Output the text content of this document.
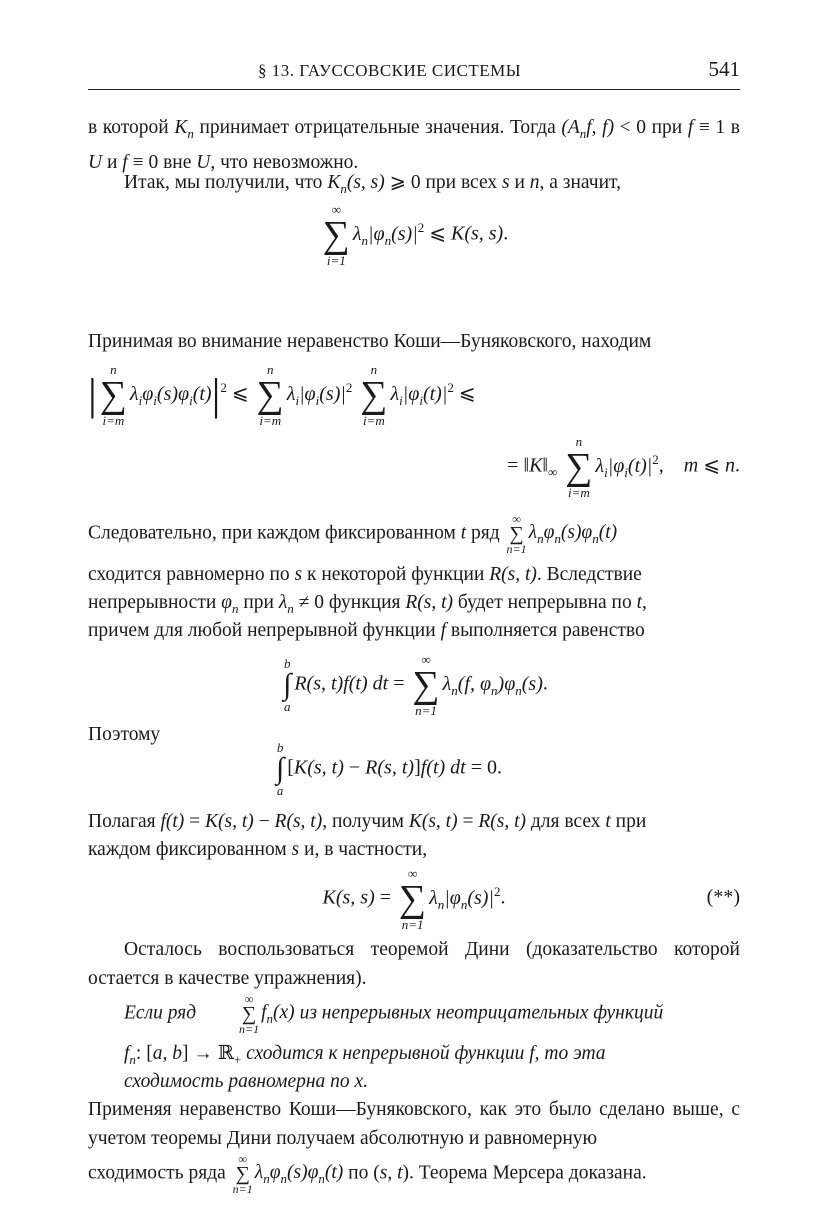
§ 13. ГАУССОВСКИЕ СИСТЕМЫ	541
в которой $K_n$ принимает отрицательные значения. Тогда ($A_nf$, f) < 0 при f ≡ 1 в U и f ≡ 0 вне U, что невозможно.
Итак, мы получили, что $K_n(s$, s) ⩾ 0 при всех s и n, а значит,
∞
∑
i=1
$\lambda_n|\varphi_n(s)|^2$ ⩽ K(s, s).
Принимая во внимание неравенство Коши—Буняковского, находим
|
n
∑
i=m
$\lambda_i\varphi_i(s)\varphi_i(t)|^2$ ⩽
n
∑
i=m
$\lambda_i|\varphi_i(s)|^2$
n
∑
i=m
$\lambda_i|\varphi_i(t)|^2$ ⩽
= $‖K‖_\infty$
n
∑
i=m
$\lambda_i|\varphi_i(t)|^2$,    m ⩽ n.
Следовательно, при каждом фиксированном t ряд
∞
∑
n=1
$\lambda_n\varphi_n(s)\varphi_n(t)$
сходится равномерно по s к некоторой функции R(s, t). Вследствие
непрерывности $\varphi_n$ при $\lambda_n \ne 0$ функция R(s, t) будет непрерывна по t,
причем для любой непрерывной функции f выполняется равенство
b
∫
a
R(s, t)f(t) dt =
∞
∑
n=1
$\lambda_n(f$, $\varphi_n)\varphi_n(s)$.
Поэтому
b
∫
a
[K(s, t) − R(s, t)]f(t) dt = 0.
Полагая f(t) = K(s, t) − R(s, t), получим K(s, t) = R(s, t) для всех t при
каждом фиксированном s и, в частности,
K(s, s) =
∞
∑
n=1
$\lambda_n|\varphi_n(s)|^2$.	(**)
Осталось воспользоваться теоремой Дини (доказательство которой остается в качестве упражнения).
Если ряд
∞
∑
n=1
$f_n(x)$ из непрерывных неотрицательных функций
$f_n$: [a, b] → ℝ$_+$ сходится к непрерывной функции f, то эта
сходимость равномерна по x.
Применяя неравенство Коши—Буняковского, как это было сделано выше, с учетом теоремы Дини получаем абсолютную и равномерную
сходимость ряда
∞
∑
n=1
$\lambda_n\varphi_n(s)\varphi_n(t)$ по (s, t). Теорема Мерсера доказана.
